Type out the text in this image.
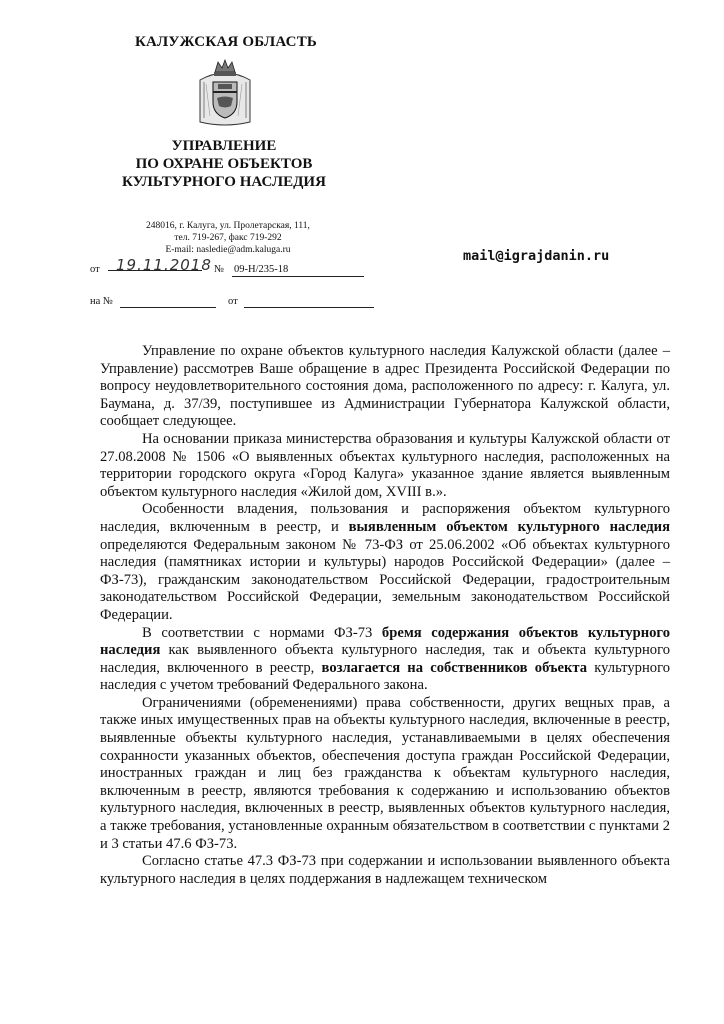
КАЛУЖСКАЯ ОБЛАСТЬ
УПРАВЛЕНИЕ
ПО ОХРАНЕ ОБЪЕКТОВ
КУЛЬТУРНОГО НАСЛЕДИЯ
248016, г. Калуга, ул. Пролетарская, 111,
тел. 719-267, факс 719-292
E-mail: nasledie@adm.kaluga.ru
от 19.11.2018 № 09-Н/235-18
mail@igrajdanin.ru
на №	от

Управление по охране объектов культурного наследия Калужской области (далее – Управление) рассмотрев Ваше обращение в адрес Президента Российской Федерации по вопросу неудовлетворительного состояния дома, расположенного по адресу: г. Калуга, ул. Баумана, д. 37/39, поступившее из Администрации Губернатора Калужской области, сообщает следующее.

На основании приказа министерства образования и культуры Калужской области от 27.08.2008 № 1506 «О выявленных объектах культурного наследия, расположенных на территории городского округа «Город Калуга» указанное здание является выявленным объектом культурного наследия «Жилой дом, XVIII в.».

Особенности владения, пользования и распоряжения объектом культурного наследия, включенным в реестр, и выявленным объектом культурного наследия определяются Федеральным законом № 73-ФЗ от 25.06.2002 «Об объектах культурного наследия (памятниках истории и культуры) народов Российской Федерации» (далее – ФЗ-73), гражданским законодательством Российской Федерации, градостроительным законодательством Российской Федерации, земельным законодательством Российской Федерации.

В соответствии с нормами ФЗ-73 бремя содержания объектов культурного наследия как выявленного объекта культурного наследия, так и объекта культурного наследия, включенного в реестр, возлагается на собственников объекта культурного наследия с учетом требований Федерального закона.

Ограничениями (обременениями) права собственности, других вещных прав, а также иных имущественных прав на объекты культурного наследия, включенные в реестр, выявленные объекты культурного наследия, устанавливаемыми в целях обеспечения сохранности указанных объектов, обеспечения доступа граждан Российской Федерации, иностранных граждан и лиц без гражданства к объектам культурного наследия, включенным в реестр, являются требования к содержанию и использованию объектов культурного наследия, включенных в реестр, выявленных объектов культурного наследия, а также требования, установленные охранным обязательством в соответствии с пунктами 2 и 3 статьи 47.6 ФЗ-73.

Согласно статье 47.3 ФЗ-73 при содержании и использовании выявленного объекта культурного наследия в целях поддержания в надлежащем техническом
